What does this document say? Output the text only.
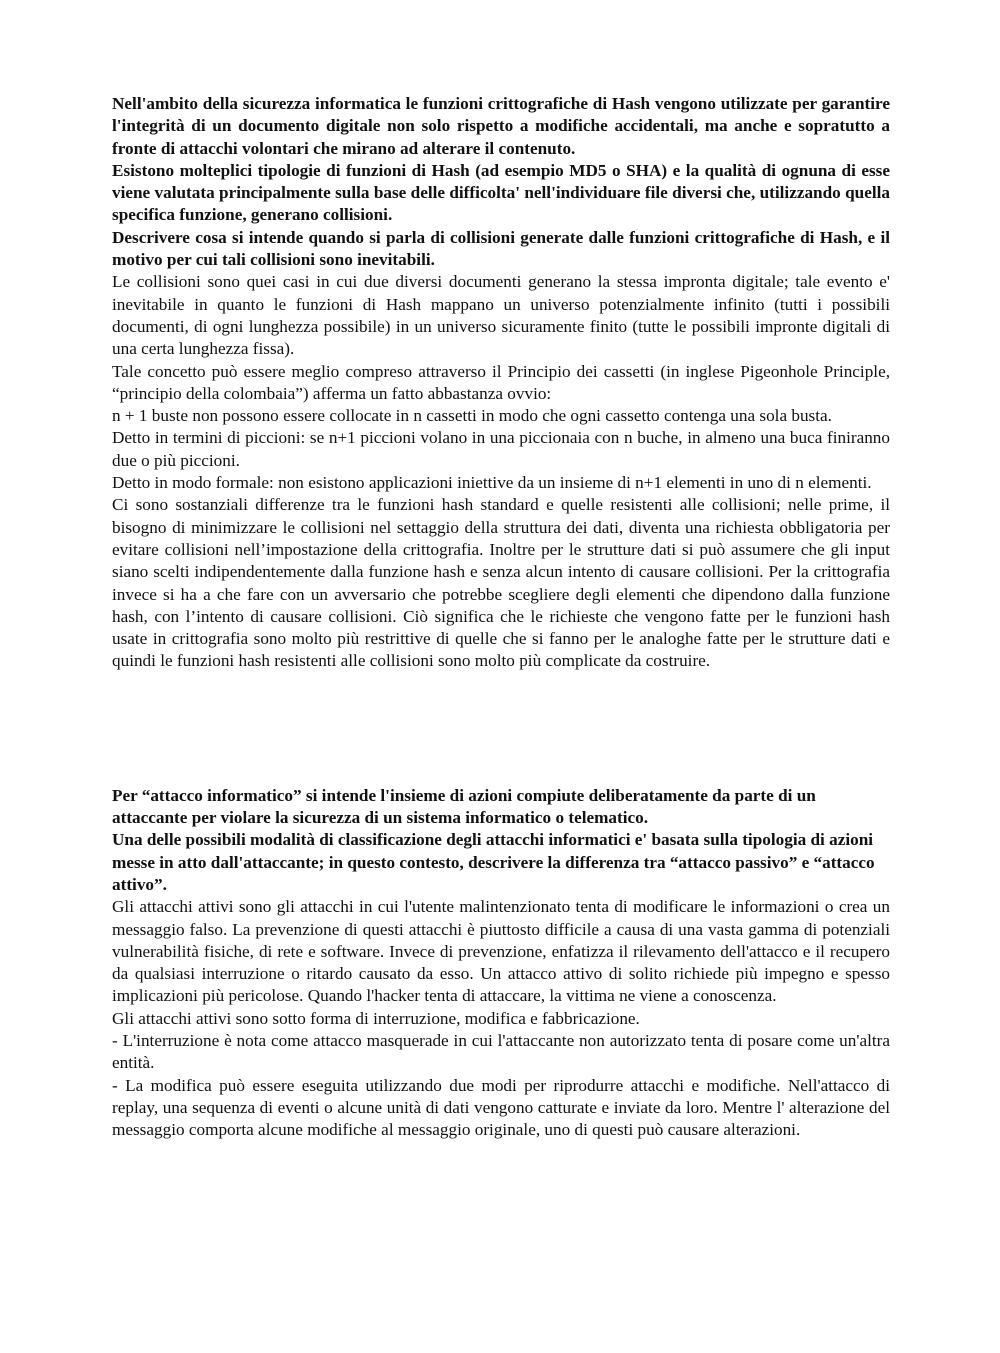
Nell'ambito della sicurezza informatica le funzioni crittografiche di Hash vengono utilizzate per garantire l'integrità di un documento digitale non solo rispetto a modifiche accidentali, ma anche e sopratutto a fronte di attacchi volontari che mirano ad alterare il contenuto.

Esistono molteplici tipologie di funzioni di Hash (ad esempio MD5 o SHA) e la qualità di ognuna di esse viene valutata principalmente sulla base delle difficolta' nell'individuare file diversi che, utilizzando quella specifica funzione, generano collisioni.

Descrivere cosa si intende quando si parla di collisioni generate dalle funzioni crittografiche di Hash, e il motivo per cui tali collisioni sono inevitabili.

Le collisioni sono quei casi in cui due diversi documenti generano la stessa impronta digitale; tale evento e' inevitabile in quanto le funzioni di Hash mappano un universo potenzialmente infinito (tutti i possibili documenti, di ogni lunghezza possibile) in un universo sicuramente finito (tutte le possibili impronte digitali di una certa lunghezza fissa).

Tale concetto può essere meglio compreso attraverso il Principio dei cassetti (in inglese Pigeonhole Principle, “principio della colombaia”) afferma un fatto abbastanza ovvio:

n + 1 buste non possono essere collocate in n cassetti in modo che ogni cassetto contenga una sola busta.

Detto in termini di piccioni: se n+1 piccioni volano in una piccionaia con n buche, in almeno una buca finiranno due o più piccioni.

Detto in modo formale: non esistono applicazioni iniettive da un insieme di n+1 elementi in uno di n elementi.

Ci sono sostanziali differenze tra le funzioni hash standard e quelle resistenti alle collisioni; nelle prime, il bisogno di minimizzare le collisioni nel settaggio della struttura dei dati, diventa una richiesta obbligatoria per evitare collisioni nell’impostazione della crittografia. Inoltre per le strutture dati si può assumere che gli input siano scelti indipendentemente dalla funzione hash e senza alcun intento di causare collisioni. Per la crittografia invece si ha a che fare con un avversario che potrebbe scegliere degli elementi che dipendono dalla funzione hash, con l’intento di causare collisioni. Ciò significa che le richieste che vengono fatte per le funzioni hash usate in crittografia sono molto più restrittive di quelle che si fanno per le analoghe fatte per le strutture dati e quindi le funzioni hash resistenti alle collisioni sono molto più complicate da costruire.

Per “attacco informatico” si intende l'insieme di azioni compiute deliberatamente da parte di un attaccante per violare la sicurezza di un sistema informatico o telematico.

Una delle possibili modalità di classificazione degli attacchi informatici e' basata sulla tipologia di azioni messe in atto dall'attaccante; in questo contesto, descrivere la differenza tra “attacco passivo” e “attacco attivo”.

Gli attacchi attivi sono gli attacchi in cui l'utente malintenzionato tenta di modificare le informazioni o crea un messaggio falso. La prevenzione di questi attacchi è piuttosto difficile a causa di una vasta gamma di potenziali vulnerabilità fisiche, di rete e software. Invece di prevenzione, enfatizza il rilevamento dell'attacco e il recupero da qualsiasi interruzione o ritardo causato da esso. Un attacco attivo di solito richiede più impegno e spesso implicazioni più pericolose. Quando l'hacker tenta di attaccare, la vittima ne viene a conoscenza.

Gli attacchi attivi sono sotto forma di interruzione, modifica e fabbricazione.

- L'interruzione è nota come attacco masquerade in cui l'attaccante non autorizzato tenta di posare come un'altra entità.

- La modifica può essere eseguita utilizzando due modi per riprodurre attacchi e modifiche. Nell'attacco di replay, una sequenza di eventi o alcune unità di dati vengono catturate e inviate da loro. Mentre l' alterazione del messaggio comporta alcune modifiche al messaggio originale, uno di questi può causare alterazioni.
